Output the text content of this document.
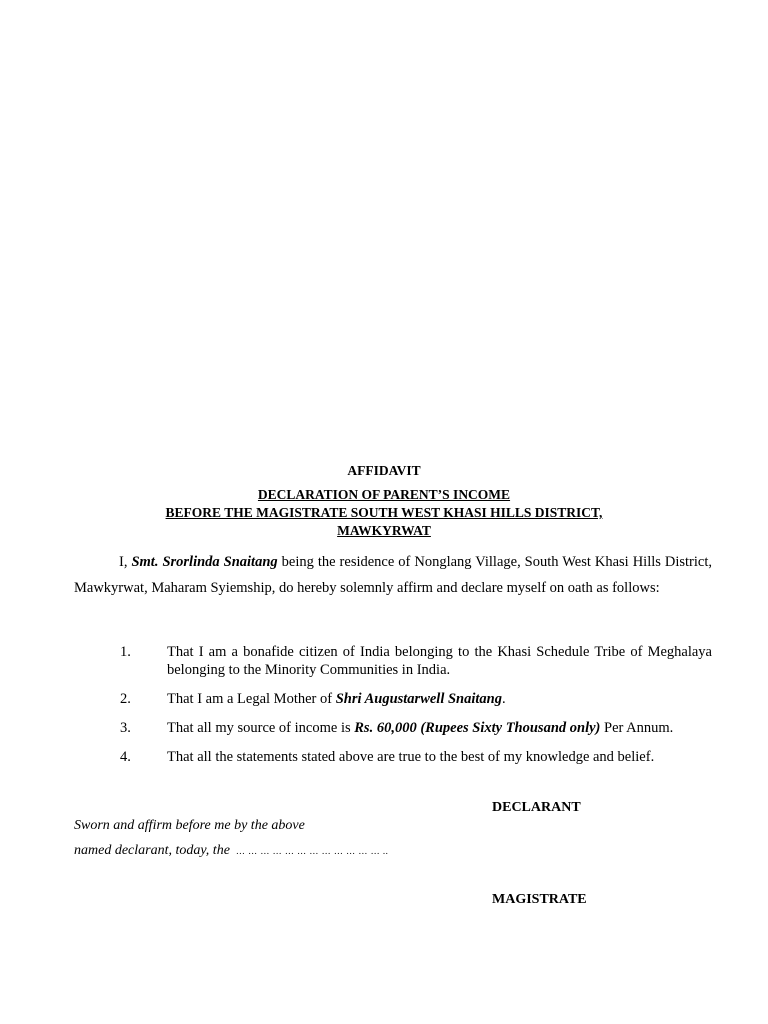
AFFIDAVIT
DECLARATION OF PARENT’S INCOME
BEFORE THE MAGISTRATE SOUTH WEST KHASI HILLS DISTRICT,
MAWKYRWAT
I, Smt. Srorlinda Snaitang being the residence of Nonglang Village, South West Khasi Hills District, Mawkyrwat, Maharam Syiemship, do hereby solemnly affirm and declare myself on oath as follows:
1.	That I am a bonafide citizen of India belonging to the Khasi Schedule Tribe of Meghalaya belonging to the Minority Communities in India.
2.	That I am a Legal Mother of Shri Augustarwell Snaitang.
3.	That all my source of income is Rs. 60,000 (Rupees Sixty Thousand only) Per Annum.
4.	That all the statements stated above are true to the best of my knowledge and belief.
DECLARANT
Sworn and affirm before me by the above
named declarant, today, the … … … … … … … … … … … … ..
MAGISTRATE
